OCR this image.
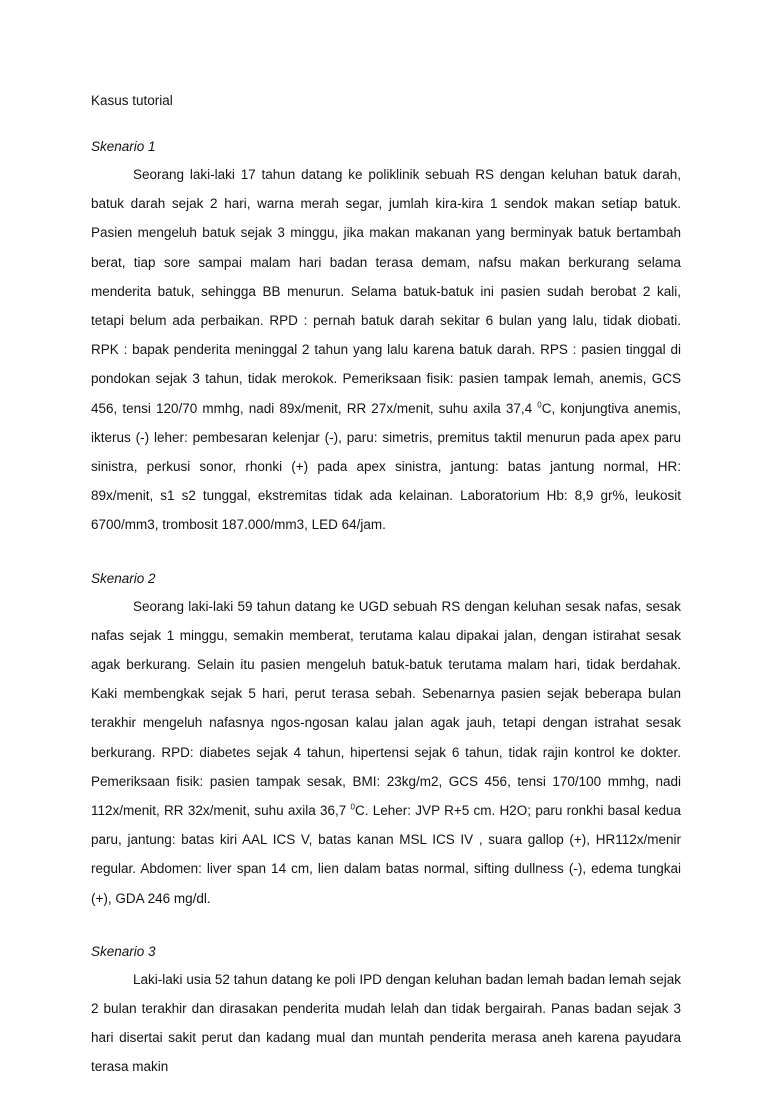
Kasus tutorial
Skenario 1

Seorang laki-laki 17 tahun datang ke poliklinik sebuah RS dengan keluhan batuk darah, batuk darah sejak 2 hari, warna merah segar, jumlah kira-kira 1 sendok makan setiap batuk. Pasien mengeluh batuk sejak 3 minggu, jika makan makanan yang berminyak batuk bertambah berat, tiap sore sampai malam hari badan terasa demam, nafsu makan berkurang selama menderita batuk, sehingga BB menurun. Selama batuk-batuk ini pasien sudah berobat 2 kali, tetapi belum ada perbaikan. RPD : pernah batuk darah sekitar 6 bulan yang lalu, tidak diobati. RPK : bapak penderita meninggal 2 tahun yang lalu karena batuk darah. RPS : pasien tinggal di pondokan sejak 3 tahun, tidak merokok. Pemeriksaan fisik: pasien tampak lemah, anemis, GCS 456, tensi 120/70 mmhg, nadi 89x/menit, RR 27x/menit, suhu axila 37,4 $^0$C, konjungtiva anemis, ikterus (-) leher: pembesaran kelenjar (-), paru: simetris, premitus taktil menurun pada apex paru sinistra, perkusi sonor, rhonki (+) pada apex sinistra, jantung: batas jantung normal, HR: 89x/menit, s1 s2 tunggal, ekstremitas tidak ada kelainan. Laboratorium Hb: 8,9 gr%, leukosit 6700/mm3, trombosit 187.000/mm3, LED 64/jam.

Skenario 2

Seorang laki-laki 59 tahun datang ke UGD sebuah RS dengan keluhan sesak nafas, sesak nafas sejak 1 minggu, semakin memberat, terutama kalau dipakai jalan, dengan istirahat sesak agak berkurang. Selain itu pasien mengeluh batuk-batuk terutama malam hari, tidak berdahak. Kaki membengkak sejak 5 hari, perut terasa sebah. Sebenarnya pasien sejak beberapa bulan terakhir mengeluh nafasnya ngos-ngosan kalau jalan agak jauh, tetapi dengan istrahat sesak berkurang. RPD: diabetes sejak 4 tahun, hipertensi sejak 6 tahun, tidak rajin kontrol ke dokter. Pemeriksaan fisik: pasien tampak sesak, BMI: 23kg/m2, GCS 456, tensi 170/100 mmhg, nadi 112x/menit, RR 32x/menit, suhu axila 36,7 $^0$C. Leher: JVP R+5 cm. H2O; paru ronkhi basal kedua paru, jantung: batas kiri AAL ICS V, batas kanan MSL ICS IV , suara gallop (+), HR112x/menir regular. Abdomen: liver span 14 cm, lien dalam batas normal, sifting dullness (-), edema tungkai (+), GDA 246 mg/dl.

Skenario 3

Laki-laki usia 52 tahun datang ke poli IPD dengan keluhan badan lemah badan lemah sejak 2 bulan terakhir dan dirasakan penderita mudah lelah dan tidak bergairah. Panas badan sejak 3 hari disertai sakit perut dan kadang mual dan muntah penderita merasa aneh karena payudara terasa makin
